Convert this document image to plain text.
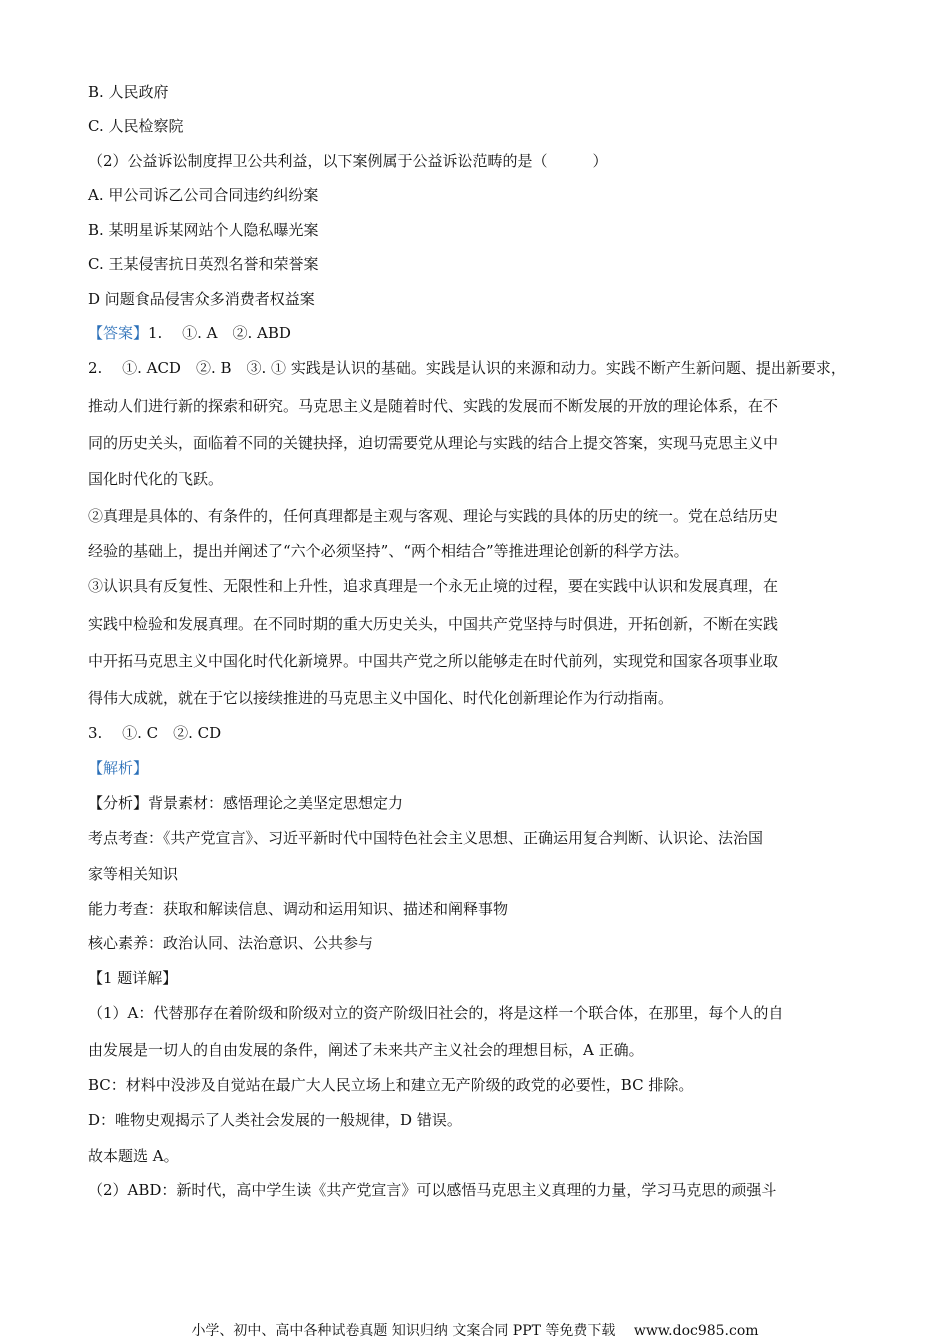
B. 人民政府
C. 人民检察院
（2）公益诉讼制度捍卫公共利益，以下案例属于公益诉讼范畴的是（　　　）
A. 甲公司诉乙公司合同违约纠纷案
B. 某明星诉某网站个人隐私曝光案
C. 王某侵害抗日英烈名誉和荣誉案
D 问题食品侵害众多消费者权益案
【答案】1.　 ①. A　②. ABD
2.　 ①. ACD　②. B　③. ① 实践是认识的基础。实践是认识的来源和动力。实践不断产生新问题、提出新要求，
推动人们进行新的探索和研究。马克思主义是随着时代、实践的发展而不断发展的开放的理论体系，在不
同的历史关头，面临着不同的关键抉择，迫切需要党从理论与实践的结合上提交答案，实现马克思主义中
国化时代化的飞跃。
②真理是具体的、有条件的，任何真理都是主观与客观、理论与实践的具体的历史的统一。党在总结历史
经验的基础上，提出并阐述了“六个必须坚持”、“两个相结合”等推进理论创新的科学方法。
③认识具有反复性、无限性和上升性，追求真理是一个永无止境的过程，要在实践中认识和发展真理，在
实践中检验和发展真理。在不同时期的重大历史关头，中国共产党坚持与时俱进，开拓创新，不断在实践
中开拓马克思主义中国化时代化新境界。中国共产党之所以能够走在时代前列，实现党和国家各项事业取
得伟大成就，就在于它以接续推进的马克思主义中国化、时代化创新理论作为行动指南。
3.　 ①. C　②. CD
【解析】
【分析】背景素材：感悟理论之美坚定思想定力
考点考查：《共产党宣言》、习近平新时代中国特色社会主义思想、正确运用复合判断、认识论、法治国
家等相关知识
能力考查：获取和解读信息、调动和运用知识、描述和阐释事物
核心素养：政治认同、法治意识、公共参与
【1 题详解】
（1）A：代替那存在着阶级和阶级对立的资产阶级旧社会的，将是这样一个联合体，在那里，每个人的自
由发展是一切人的自由发展的条件，阐述了未来共产主义社会的理想目标，A 正确。
BC：材料中没涉及自觉站在最广大人民立场上和建立无产阶级的政党的必要性，BC 排除。
D：唯物史观揭示了人类社会发展的一般规律，D 错误。
故本题选 A。
（2）ABD：新时代，高中学生读《共产党宣言》可以感悟马克思主义真理的力量，学习马克思的顽强斗
小学、初中、高中各种试卷真题 知识归纳 文案合同 PPT 等免费下载　 www.doc985.com
